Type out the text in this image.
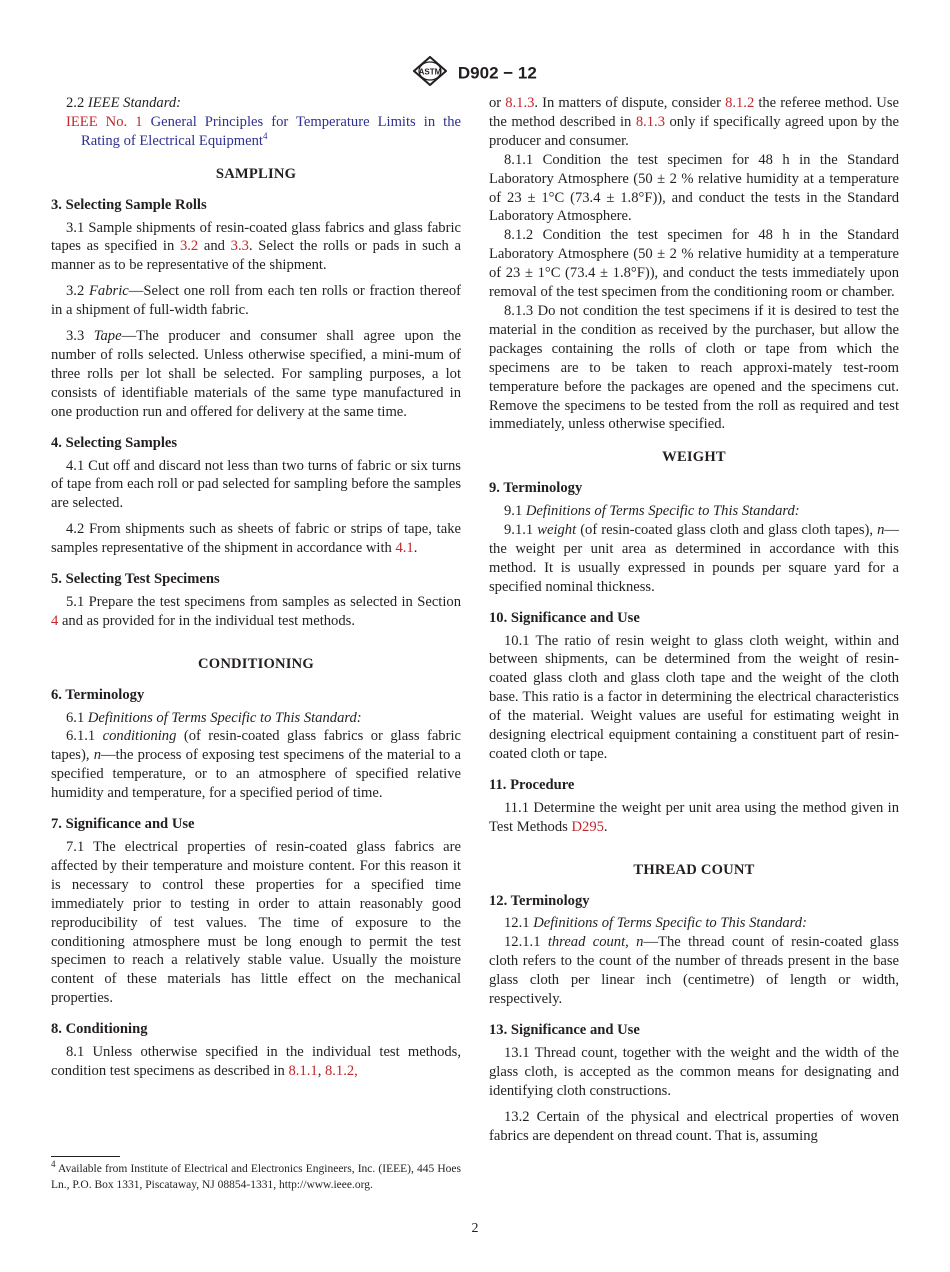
ASTM D902 − 12

2.2 IEEE Standard:

IEEE No. 1 General Principles for Temperature Limits in the Rating of Electrical Equipment$^4$

SAMPLING

3. Selecting Sample Rolls

3.1 Sample shipments of resin-coated glass fabrics and glass fabric tapes as specified in 3.2 and 3.3. Select the rolls or pads in such a manner as to be representative of the shipment.

3.2 Fabric—Select one roll from each ten rolls or fraction thereof in a shipment of full-width fabric.

3.3 Tape—The producer and consumer shall agree upon the number of rolls selected. Unless otherwise specified, a mini-mum of three rolls per lot shall be selected. For sampling purposes, a lot consists of identifiable materials of the same type manufactured in one production run and offered for delivery at the same time.

4. Selecting Samples

4.1 Cut off and discard not less than two turns of fabric or six turns of tape from each roll or pad selected for sampling before the samples are selected.

4.2 From shipments such as sheets of fabric or strips of tape, take samples representative of the shipment in accordance with 4.1.

5. Selecting Test Specimens

5.1 Prepare the test specimens from samples as selected in Section 4 and as provided for in the individual test methods.

CONDITIONING

6. Terminology

6.1 Definitions of Terms Specific to This Standard:

6.1.1 conditioning (of resin-coated glass fabrics or glass fabric tapes), n—the process of exposing test specimens of the material to a specified temperature, or to an atmosphere of specified relative humidity and temperature, for a specified period of time.

7. Significance and Use

7.1 The electrical properties of resin-coated glass fabrics are affected by their temperature and moisture content. For this reason it is necessary to control these properties for a specified time immediately prior to testing in order to attain reasonably good reproducibility of test values. The time of exposure to the conditioning atmosphere must be long enough to permit the test specimen to reach a relatively stable value. Usually the moisture content of these materials has little effect on the mechanical properties.

8. Conditioning

8.1 Unless otherwise specified in the individual test methods, condition test specimens as described in 8.1.1, 8.1.2,

$^4$ Available from Institute of Electrical and Electronics Engineers, Inc. (IEEE), 445 Hoes Ln., P.O. Box 1331, Piscataway, NJ 08854-1331, http://www.ieee.org.

or 8.1.3. In matters of dispute, consider 8.1.2 the referee method. Use the method described in 8.1.3 only if specifically agreed upon by the producer and consumer.

8.1.1 Condition the test specimen for 48 h in the Standard Laboratory Atmosphere (50 ± 2 % relative humidity at a temperature of 23 ± 1°C (73.4 ± 1.8°F)), and conduct the tests in the Standard Laboratory Atmosphere.

8.1.2 Condition the test specimen for 48 h in the Standard Laboratory Atmosphere (50 ± 2 % relative humidity at a temperature of 23 ± 1°C (73.4 ± 1.8°F)), and conduct the tests immediately upon removal of the test specimen from the conditioning room or chamber.

8.1.3 Do not condition the test specimens if it is desired to test the material in the condition as received by the purchaser, but allow the packages containing the rolls of cloth or tape from which the specimens are to be taken to reach approxi-mately test-room temperature before the packages are opened and the specimens cut. Remove the specimens to be tested from the roll as required and test immediately, unless otherwise specified.

WEIGHT

9. Terminology

9.1 Definitions of Terms Specific to This Standard:

9.1.1 weight (of resin-coated glass cloth and glass cloth tapes), n—the weight per unit area as determined in accordance with this method. It is usually expressed in pounds per square yard for a specified nominal thickness.

10. Significance and Use

10.1 The ratio of resin weight to glass cloth weight, within and between shipments, can be determined from the weight of resin-coated glass cloth and glass cloth tape and the weight of the cloth base. This ratio is a factor in determining the electrical characteristics of the material. Weight values are useful for estimating weight in designing electrical equipment containing a constituent part of resin-coated cloth or tape.

11. Procedure

11.1 Determine the weight per unit area using the method given in Test Methods D295.

THREAD COUNT

12. Terminology

12.1 Definitions of Terms Specific to This Standard:

12.1.1 thread count, n—The thread count of resin-coated glass cloth refers to the count of the number of threads present in the base glass cloth per linear inch (centimetre) of length or width, respectively.

13. Significance and Use

13.1 Thread count, together with the weight and the width of the glass cloth, is accepted as the common means for designating and identifying cloth constructions.

13.2 Certain of the physical and electrical properties of woven fabrics are dependent on thread count. That is, assuming

2
